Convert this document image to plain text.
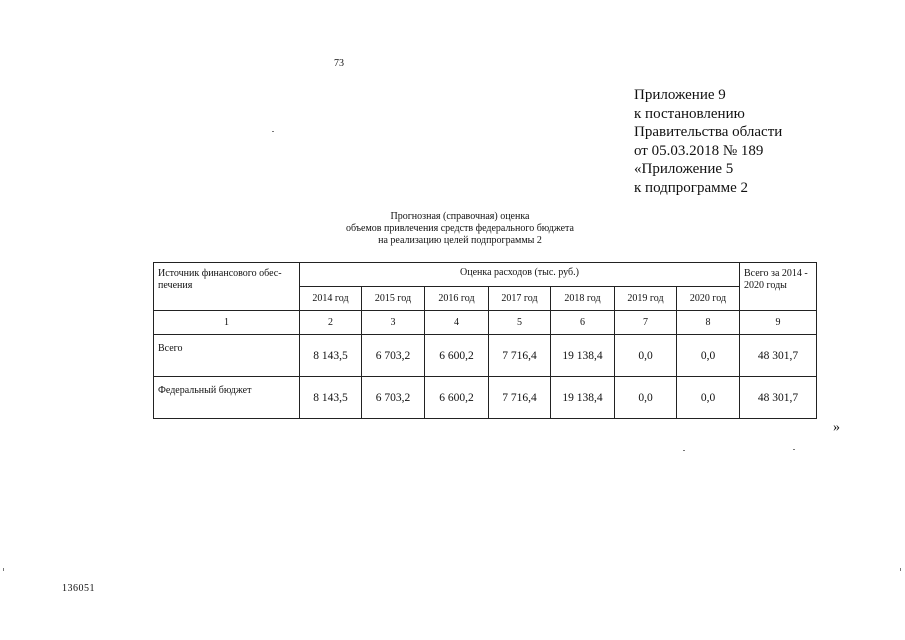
73
Приложение 9
к постановлению
Правительства области
от 05.03.2018 № 189
«Приложение 5
к подпрограмме 2
Прогнозная (справочная) оценка
объемов привлечения средств федерального бюджета
на реализацию целей подпрограммы 2
Источник финансового обес-печения	Оценка расходов (тыс. руб.)							Всего за 2014 - 2020 годы
	2014 год	2015 год	2016 год	2017 год	2018 год	2019 год	2020 год	
1	2	3	4	5	6	7	8	9
Всего	8 143,5	6 703,2	6 600,2	7 716,4	19 138,4	0,0	0,0	48 301,7
Федеральный бюджет	8 143,5	6 703,2	6 600,2	7 716,4	19 138,4	0,0	0,0	48 301,7
»
136051
